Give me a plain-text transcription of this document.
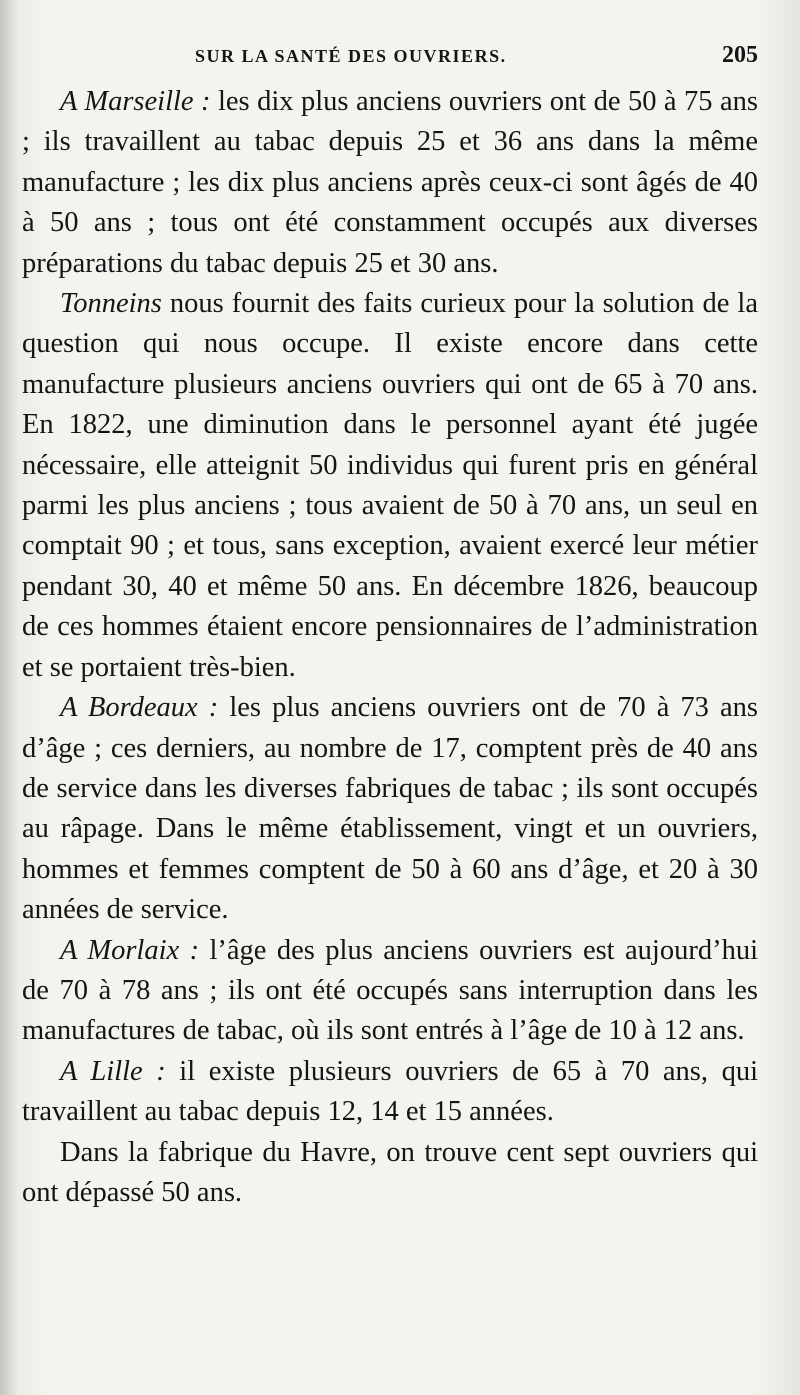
SUR LA SANTÉ DES OUVRIERS.	205

A Marseille : les dix plus anciens ouvriers ont de 50 à 75 ans ; ils travaillent au tabac depuis 25 et 36 ans dans la même manufacture ; les dix plus anciens après ceux-ci sont âgés de 40 à 50 ans ; tous ont été constamment occupés aux diverses préparations du tabac depuis 25 et 30 ans.

Tonneins nous fournit des faits curieux pour la solution de la question qui nous occupe. Il existe encore dans cette manufacture plusieurs anciens ouvriers qui ont de 65 à 70 ans. En 1822, une diminution dans le personnel ayant été jugée nécessaire, elle atteignit 50 individus qui furent pris en général parmi les plus anciens ; tous avaient de 50 à 70 ans, un seul en comptait 90 ; et tous, sans exception, avaient exercé leur métier pendant 30, 40 et même 50 ans. En décembre 1826, beaucoup de ces hommes étaient encore pensionnaires de l’administration et se portaient très-bien.

A Bordeaux : les plus anciens ouvriers ont de 70 à 73 ans d’âge ; ces derniers, au nombre de 17, comptent près de 40 ans de service dans les diverses fabriques de tabac ; ils sont occupés au râpage. Dans le même établissement, vingt et un ouvriers, hommes et femmes comptent de 50 à 60 ans d’âge, et 20 à 30 années de service.

A Morlaix : l’âge des plus anciens ouvriers est aujourd’hui de 70 à 78 ans ; ils ont été occupés sans interruption dans les manufactures de tabac, où ils sont entrés à l’âge de 10 à 12 ans.

A Lille : il existe plusieurs ouvriers de 65 à 70 ans, qui travaillent au tabac depuis 12, 14 et 15 années.

Dans la fabrique du Havre, on trouve cent sept ouvriers qui ont dépassé 50 ans.
